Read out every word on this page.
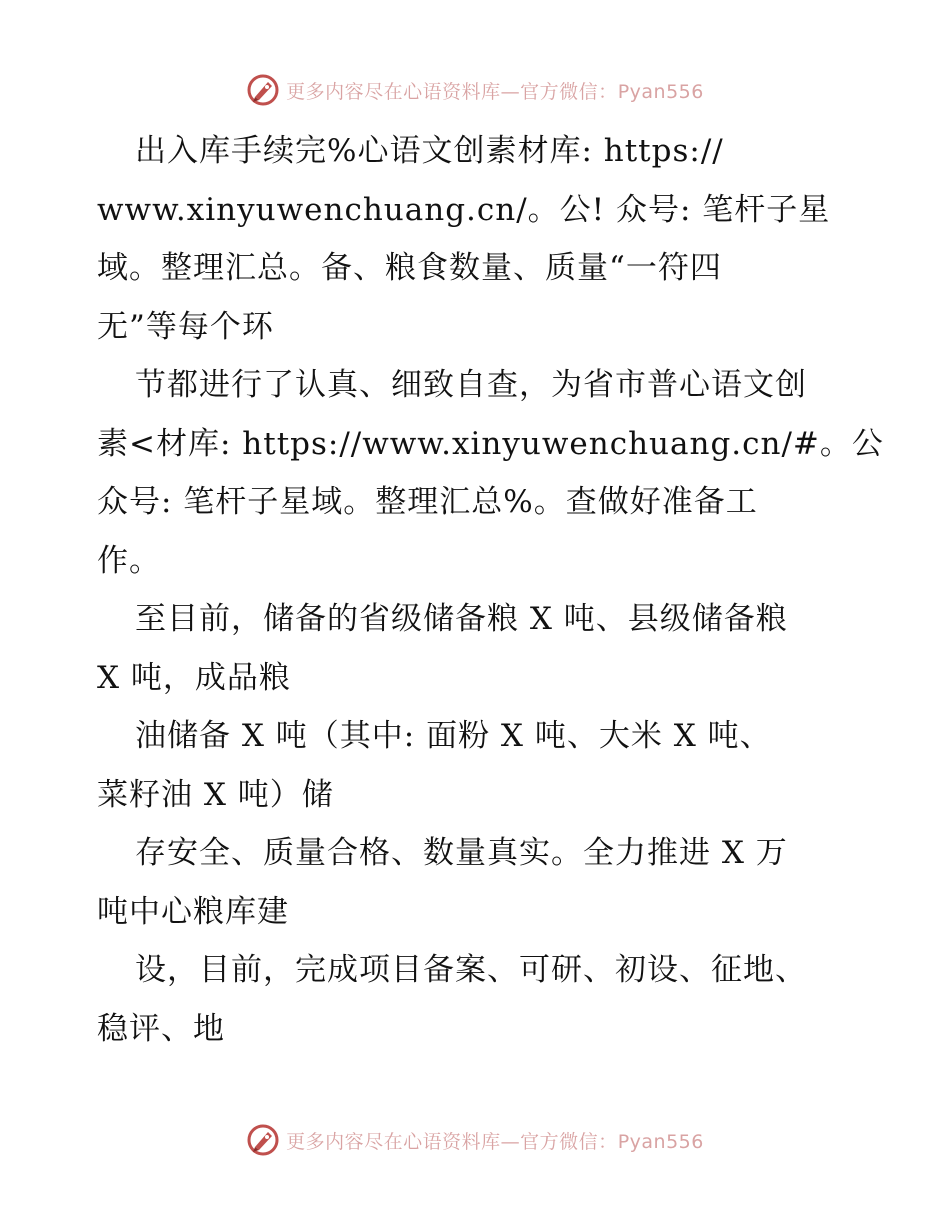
更多内容尽在心语资料库—官方微信：Pyan556
出入库手续完%心语文创素材库: https://
www.xinyuwenchuang.cn/。公! 众号: 笔杆子星
域。整理汇总。备、粮食数量、质量“一符四
无”等每个环
节都进行了认真、细致自查，为省市普心语文创
素<材库: https://www.xinyuwenchuang.cn/#。公
众号: 笔杆子星域。整理汇总%。查做好准备工
作。
至目前，储备的省级储备粮 X 吨、县级储备粮
X 吨，成品粮
油储备 X 吨（其中: 面粉 X 吨、大米 X 吨、
菜籽油 X 吨）储
存安全、质量合格、数量真实。全力推进 X 万
吨中心粮库建
设，目前，完成项目备案、可研、初设、征地、
稳评、地
更多内容尽在心语资料库—官方微信：Pyan556
